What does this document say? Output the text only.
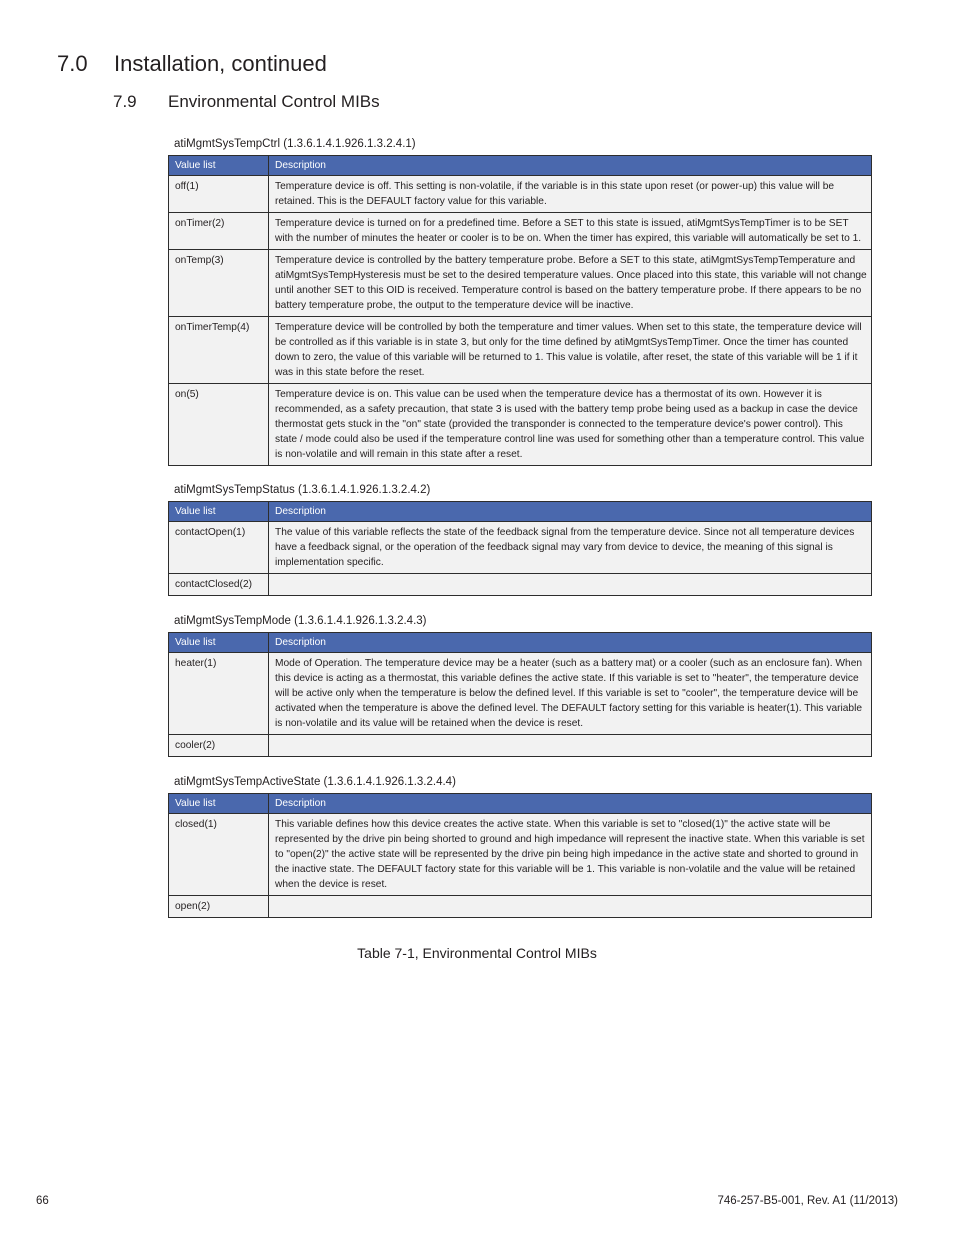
7.0 Installation, continued
7.9 Environmental Control MIBs
atiMgmtSysTempCtrl (1.3.6.1.4.1.926.1.3.2.4.1)
Value list	Description
off(1)	Temperature device is off. This setting is non-volatile, if the variable is in this state upon reset (or power-up) this value will be retained. This is the DEFAULT factory value for this variable.
onTimer(2)	Temperature device is turned on for a predefined time. Before a SET to this state is issued, atiMgmtSysTempTimer is to be SET with the number of minutes the heater or cooler is to be on. When the timer has expired, this variable will automatically be set to 1.
onTemp(3)	Temperature device is controlled by the battery temperature probe. Before a SET to this state, atiMgmtSysTempTemperature and atiMgmtSysTempHysteresis must be set to the desired temperature values. Once placed into this state, this variable will not change until another SET to this OID is received. Temperature control is based on the battery temperature probe. If there appears to be no battery temperature probe, the output to the temperature device will be inactive.
onTimerTemp(4)	Temperature device will be controlled by both the temperature and timer values. When set to this state, the temperature device will be controlled as if this variable is in state 3, but only for the time defined by atiMgmtSysTempTimer. Once the timer has counted down to zero, the value of this variable will be returned to 1. This value is volatile, after reset, the state of this variable will be 1 if it was in this state before the reset.
on(5)	Temperature device is on. This value can be used when the temperature device has a thermostat of its own. However it is recommended, as a safety precaution, that state 3 is used with the battery temp probe being used as a backup in case the device thermostat gets stuck in the "on" state (provided the transponder is connected to the temperature device's power control). This state / mode could also be used if the temperature control line was used for something other than a temperature control. This value is non-volatile and will remain in this state after a reset.
atiMgmtSysTempStatus (1.3.6.1.4.1.926.1.3.2.4.2)
Value list	Description
contactOpen(1)	The value of this variable reflects the state of the feedback signal from the temperature device. Since not all temperature devices have a feedback signal, or the operation of the feedback signal may vary from device to device, the meaning of this signal is implementation specific.
contactClosed(2)	
atiMgmtSysTempMode (1.3.6.1.4.1.926.1.3.2.4.3)
Value list	Description
heater(1)	Mode of Operation. The temperature device may be a heater (such as a battery mat) or a cooler (such as an enclosure fan). When this device is acting as a thermostat, this variable defines the active state. If this variable is set to "heater", the temperature device will be active only when the temperature is below the defined level. If this variable is set to "cooler", the temperature device will be activated when the temperature is above the defined level. The DEFAULT factory setting for this variable is heater(1). This variable is non-volatile and its value will be retained when the device is reset.
cooler(2)	
atiMgmtSysTempActiveState (1.3.6.1.4.1.926.1.3.2.4.4)
Value list	Description
closed(1)	This variable defines how this device creates the active state. When this variable is set to "closed(1)" the active state will be represented by the drive pin being shorted to ground and high impedance will represent the inactive state. When this variable is set to "open(2)" the active state will be represented by the drive pin being high impedance in the active state and shorted to ground in the inactive state. The DEFAULT factory state for this variable will be 1. This variable is non-volatile and the value will be retained when the device is reset.
open(2)	
Table 7-1, Environmental Control MIBs
66	746-257-B5-001, Rev. A1 (11/2013)
